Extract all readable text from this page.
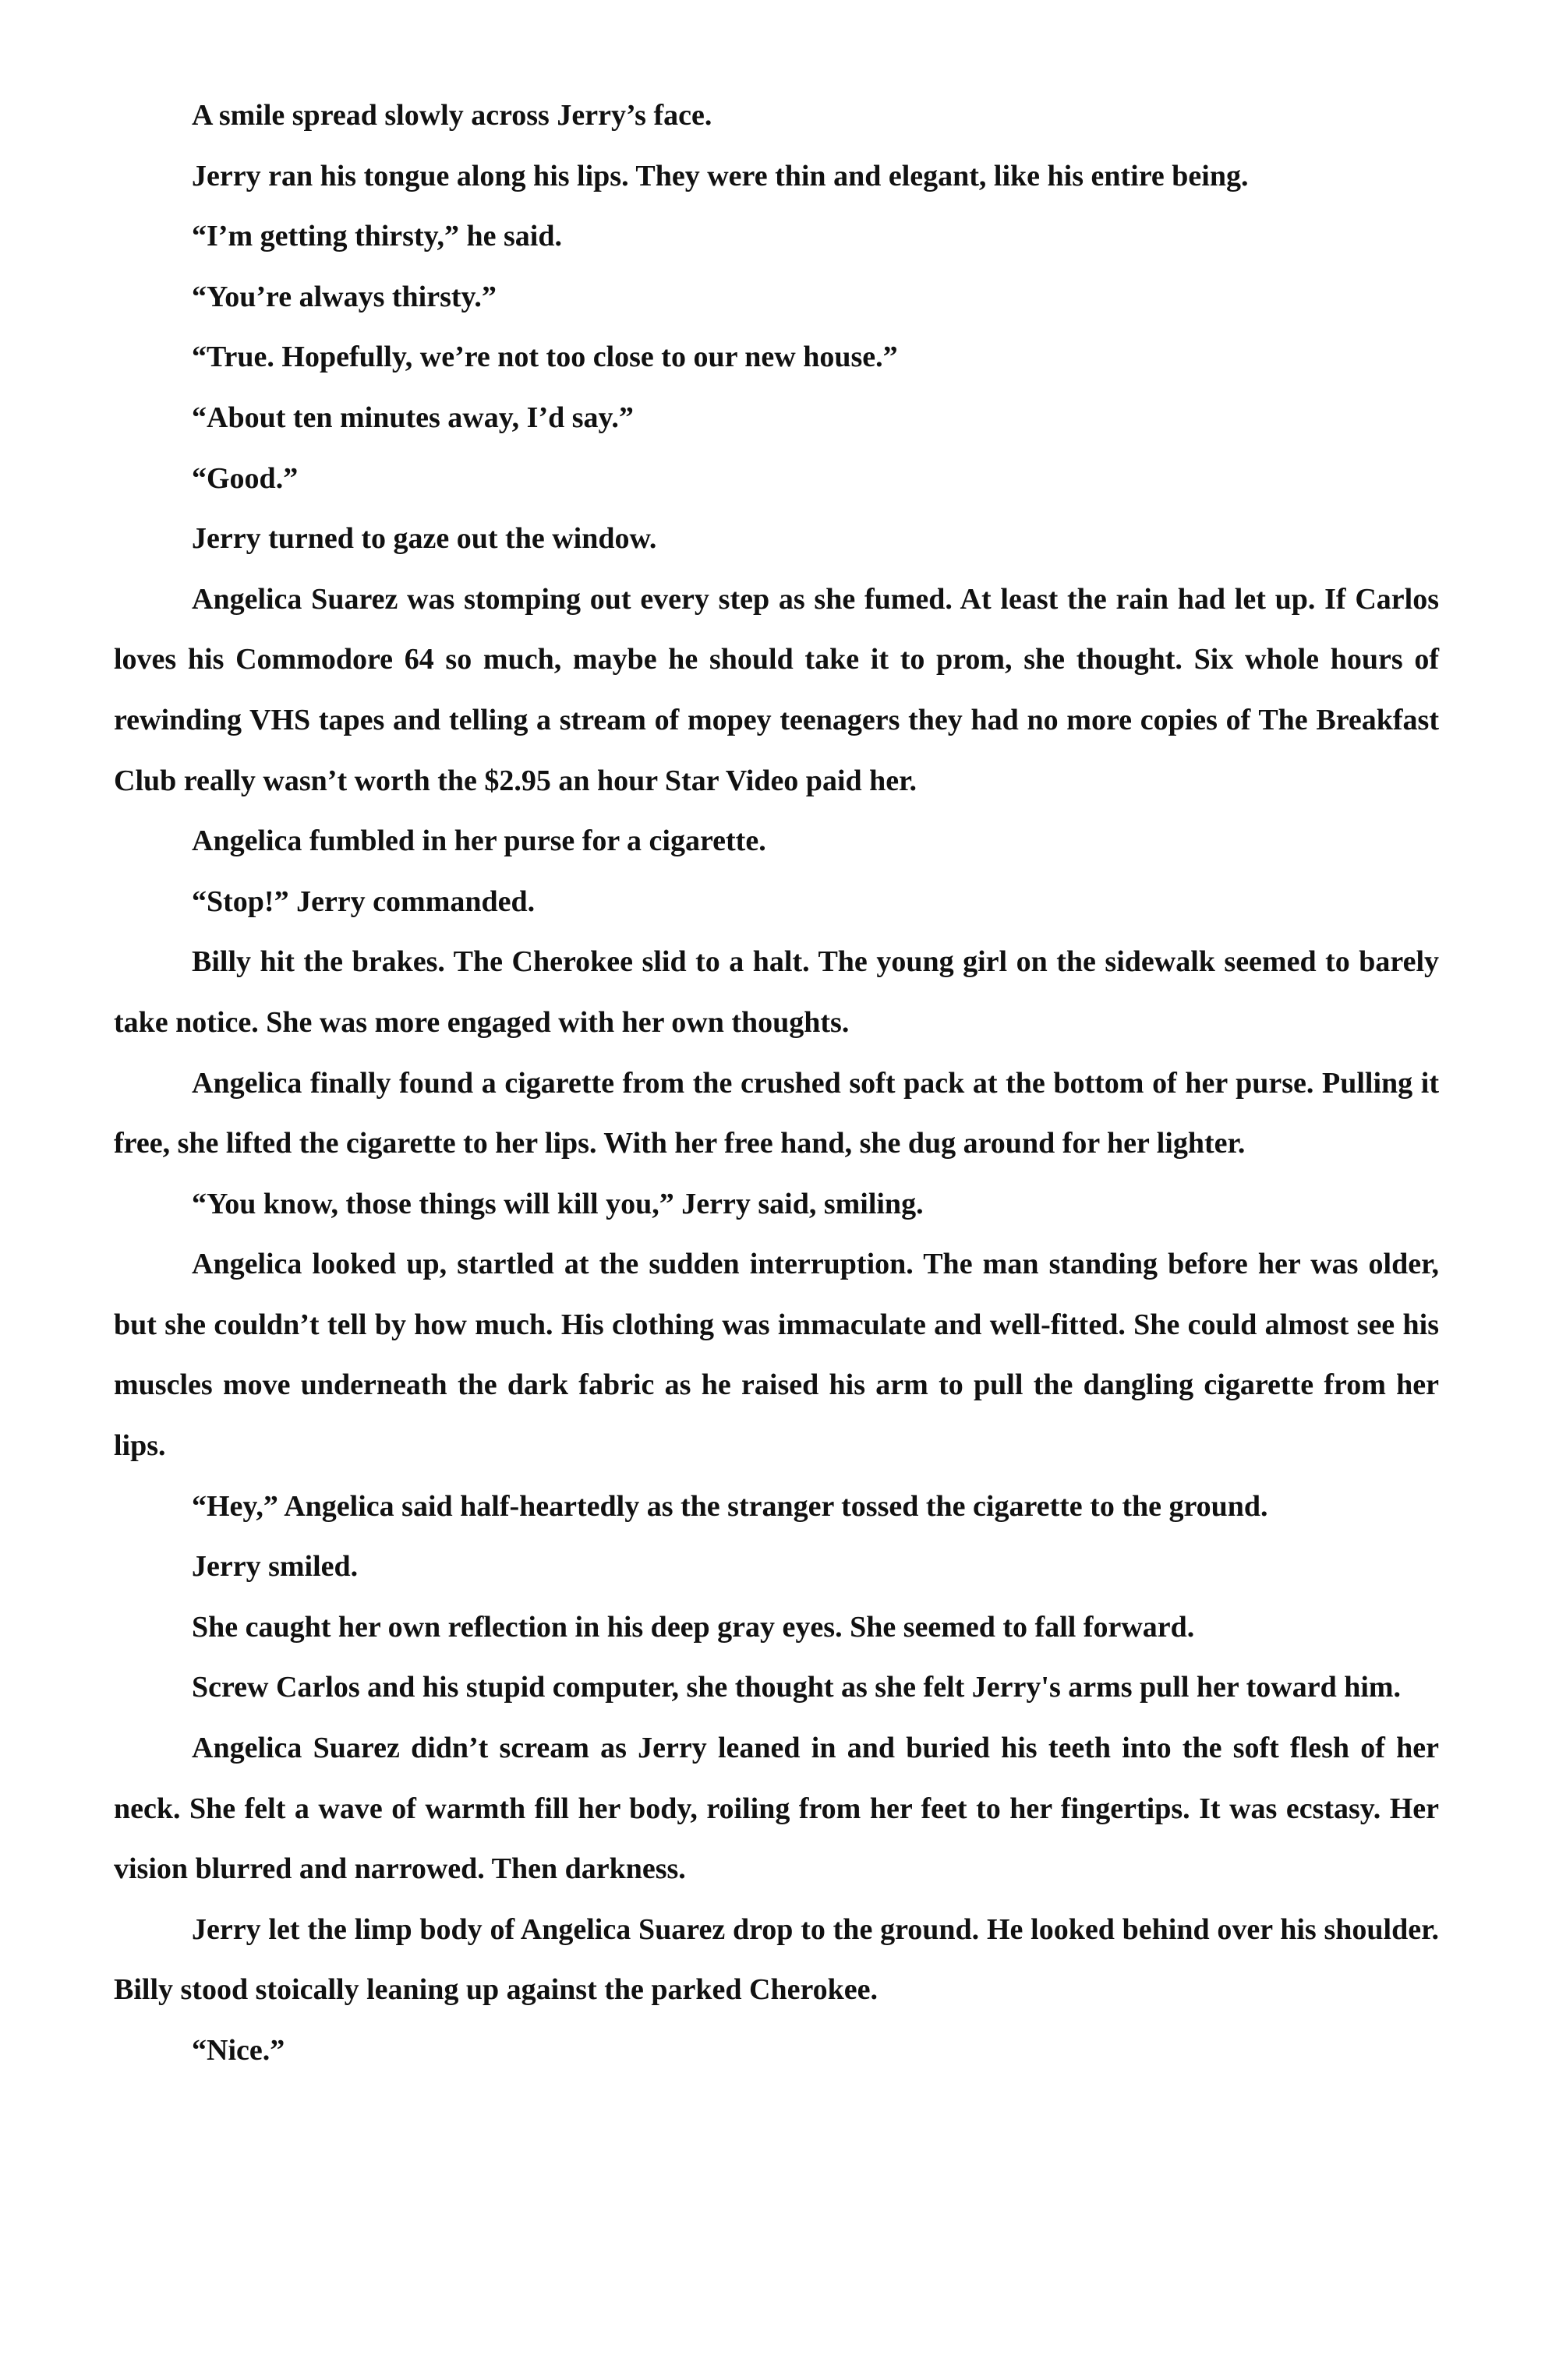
A smile spread slowly across Jerry’s face.

Jerry ran his tongue along his lips. They were thin and elegant, like his entire being.

“I’m getting thirsty,” he said.

“You’re always thirsty.”

“True. Hopefully, we’re not too close to our new house.”

“About ten minutes away, I’d say.”

“Good.”

Jerry turned to gaze out the window.

Angelica Suarez was stomping out every step as she fumed. At least the rain had let up. If Carlos loves his Commodore 64 so much, maybe he should take it to prom, she thought. Six whole hours of rewinding VHS tapes and telling a stream of mopey teenagers they had no more copies of The Breakfast Club really wasn’t worth the $2.95 an hour Star Video paid her.

Angelica fumbled in her purse for a cigarette.

“Stop!” Jerry commanded.

Billy hit the brakes. The Cherokee slid to a halt. The young girl on the sidewalk seemed to barely take notice. She was more engaged with her own thoughts.

Angelica finally found a cigarette from the crushed soft pack at the bottom of her purse. Pulling it free, she lifted the cigarette to her lips. With her free hand, she dug around for her lighter.

“You know, those things will kill you,” Jerry said, smiling.

Angelica looked up, startled at the sudden interruption. The man standing before her was older, but she couldn’t tell by how much. His clothing was immaculate and well-fitted. She could almost see his muscles move underneath the dark fabric as he raised his arm to pull the dangling cigarette from her lips.

“Hey,” Angelica said half-heartedly as the stranger tossed the cigarette to the ground.

Jerry smiled.

She caught her own reflection in his deep gray eyes. She seemed to fall forward.

Screw Carlos and his stupid computer, she thought as she felt Jerry's arms pull her toward him.

Angelica Suarez didn’t scream as Jerry leaned in and buried his teeth into the soft flesh of her neck. She felt a wave of warmth fill her body, roiling from her feet to her fingertips. It was ecstasy. Her vision blurred and narrowed. Then darkness.

Jerry let the limp body of Angelica Suarez drop to the ground. He looked behind over his shoulder. Billy stood stoically leaning up against the parked Cherokee.

“Nice.”
